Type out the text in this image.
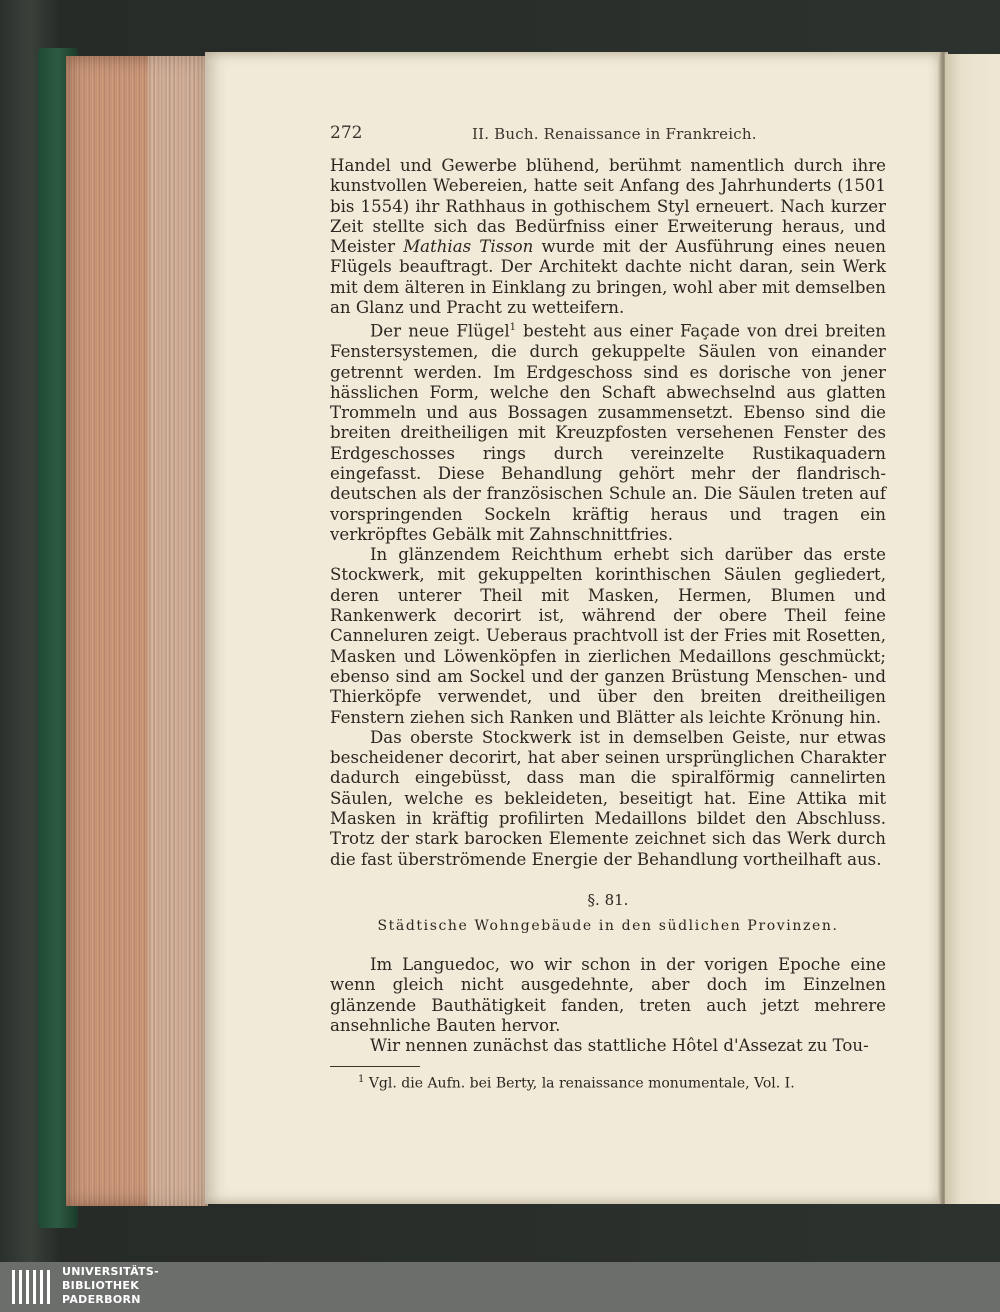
272	II. Buch. Renaissance in Frankreich.

Handel und Gewerbe blühend, berühmt namentlich durch ihre kunstvollen Webereien, hatte seit Anfang des Jahrhunderts (1501 bis 1554) ihr Rathhaus in gothischem Styl erneuert. Nach kurzer Zeit stellte sich das Bedürfniss einer Erweiterung heraus, und Meister Mathias Tisson wurde mit der Ausführung eines neuen Flügels beauftragt. Der Architekt dachte nicht daran, sein Werk mit dem älteren in Einklang zu bringen, wohl aber mit demselben an Glanz und Pracht zu wetteifern.

Der neue Flügel$^1$ besteht aus einer Façade von drei breiten Fenstersystemen, die durch gekuppelte Säulen von einander getrennt werden. Im Erdgeschoss sind es dorische von jener hässlichen Form, welche den Schaft abwechselnd aus glatten Trommeln und aus Bossagen zusammensetzt. Ebenso sind die breiten dreitheiligen mit Kreuzpfosten versehenen Fenster des Erdgeschosses rings durch vereinzelte Rustikaquadern eingefasst. Diese Behandlung gehört mehr der flandrisch-deutschen als der französischen Schule an. Die Säulen treten auf vorspringenden Sockeln kräftig heraus und tragen ein verkröpftes Gebälk mit Zahnschnittfries.

In glänzendem Reichthum erhebt sich darüber das erste Stockwerk, mit gekuppelten korinthischen Säulen gegliedert, deren unterer Theil mit Masken, Hermen, Blumen und Rankenwerk decorirt ist, während der obere Theil feine Canneluren zeigt. Ueberaus prachtvoll ist der Fries mit Rosetten, Masken und Löwenköpfen in zierlichen Medaillons geschmückt; ebenso sind am Sockel und der ganzen Brüstung Menschen- und Thierköpfe verwendet, und über den breiten dreitheiligen Fenstern ziehen sich Ranken und Blätter als leichte Krönung hin.

Das oberste Stockwerk ist in demselben Geiste, nur etwas bescheidener decorirt, hat aber seinen ursprünglichen Charakter dadurch eingebüsst, dass man die spiralförmig cannelirten Säulen, welche es bekleideten, beseitigt hat. Eine Attika mit Masken in kräftig profilirten Medaillons bildet den Abschluss. Trotz der stark barocken Elemente zeichnet sich das Werk durch die fast überströmende Energie der Behandlung vortheilhaft aus.

§. 81.
Städtische Wohngebäude in den südlichen Provinzen.

Im Languedoc, wo wir schon in der vorigen Epoche eine wenn gleich nicht ausgedehnte, aber doch im Einzelnen glänzende Bauthätigkeit fanden, treten auch jetzt mehrere ansehnliche Bauten hervor.

Wir nennen zunächst das stattliche Hôtel d'Assezat zu Tou-

$^1$ Vgl. die Aufn. bei Berty, la renaissance monumentale, Vol. I.
UNIVERSITÄTS-
BIBLIOTHEK
PADERBORN
